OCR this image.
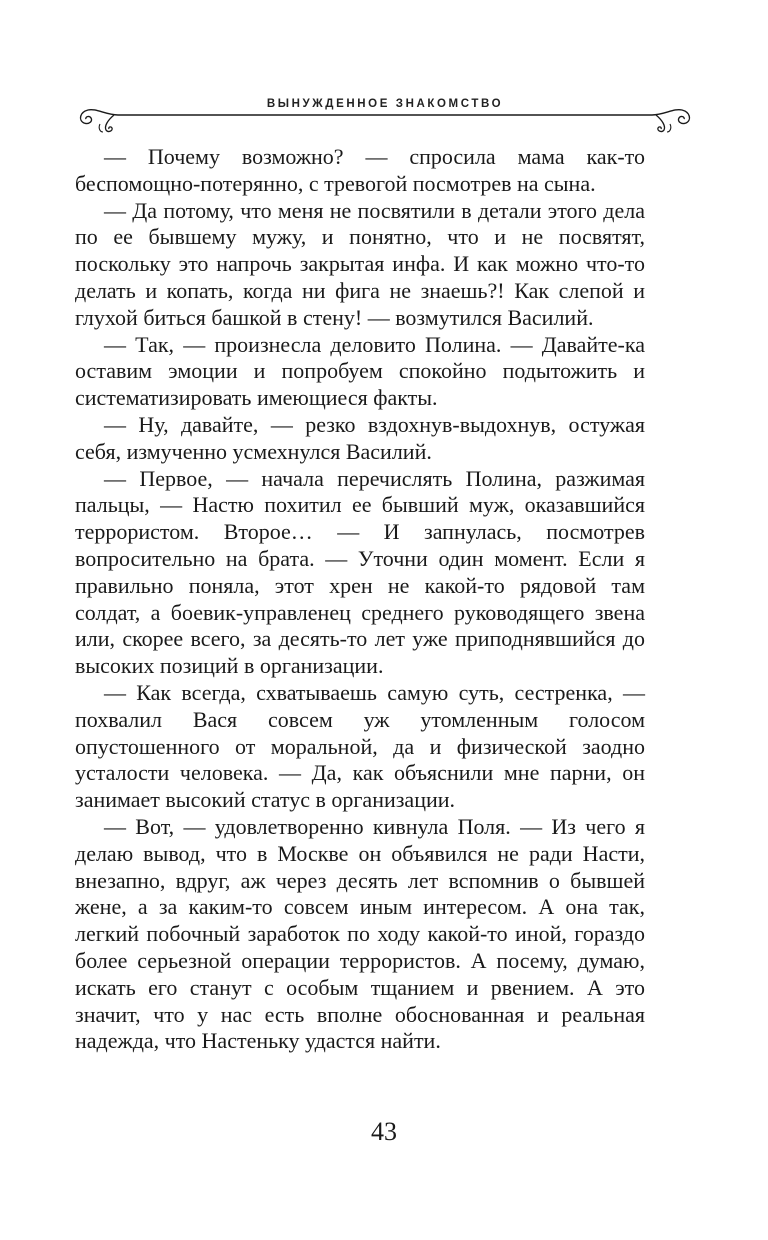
ВЫНУЖДЕННОЕ ЗНАКОМСТВО

— Почему возможно? — спросила мама как-то беспомощно-потерянно, с тревогой посмотрев на сына.

— Да потому, что меня не посвятили в детали этого дела по ее бывшему мужу, и понятно, что и не посвятят, поскольку это напрочь закрытая инфа. И как можно что-то делать и копать, когда ни фига не знаешь?! Как слепой и глухой биться башкой в стену! — возмутился Василий.

— Так, — произнесла деловито Полина. — Давайте-ка оставим эмоции и попробуем спокойно подытожить и систематизировать имеющиеся факты.

— Ну, давайте, — резко вздохнув-выдохнув, остужая себя, измученно усмехнулся Василий.

— Первое, — начала перечислять Полина, разжимая пальцы, — Настю похитил ее бывший муж, оказавшийся террористом. Второе… — И запнулась, посмотрев вопросительно на брата. — Уточни один момент. Если я правильно поняла, этот хрен не какой-то рядовой там солдат, а боевик-управленец среднего руководящего звена или, скорее всего, за десять-то лет уже приподнявшийся до высоких позиций в организации.

— Как всегда, схватываешь самую суть, сестренка, — похвалил Вася совсем уж утомленным голосом опустошенного от моральной, да и физической заодно усталости человека. — Да, как объяснили мне парни, он занимает высокий статус в организации.

— Вот, — удовлетворенно кивнула Поля. — Из чего я делаю вывод, что в Москве он объявился не ради Насти, внезапно, вдруг, аж через десять лет вспомнив о бывшей жене, а за каким-то совсем иным интересом. А она так, легкий побочный заработок по ходу какой-то иной, гораздо более серьезной операции террористов. А посему, думаю, искать его станут с особым тщанием и рвением. А это значит, что у нас есть вполне обоснованная и реальная надежда, что Настеньку удастся найти.

43
